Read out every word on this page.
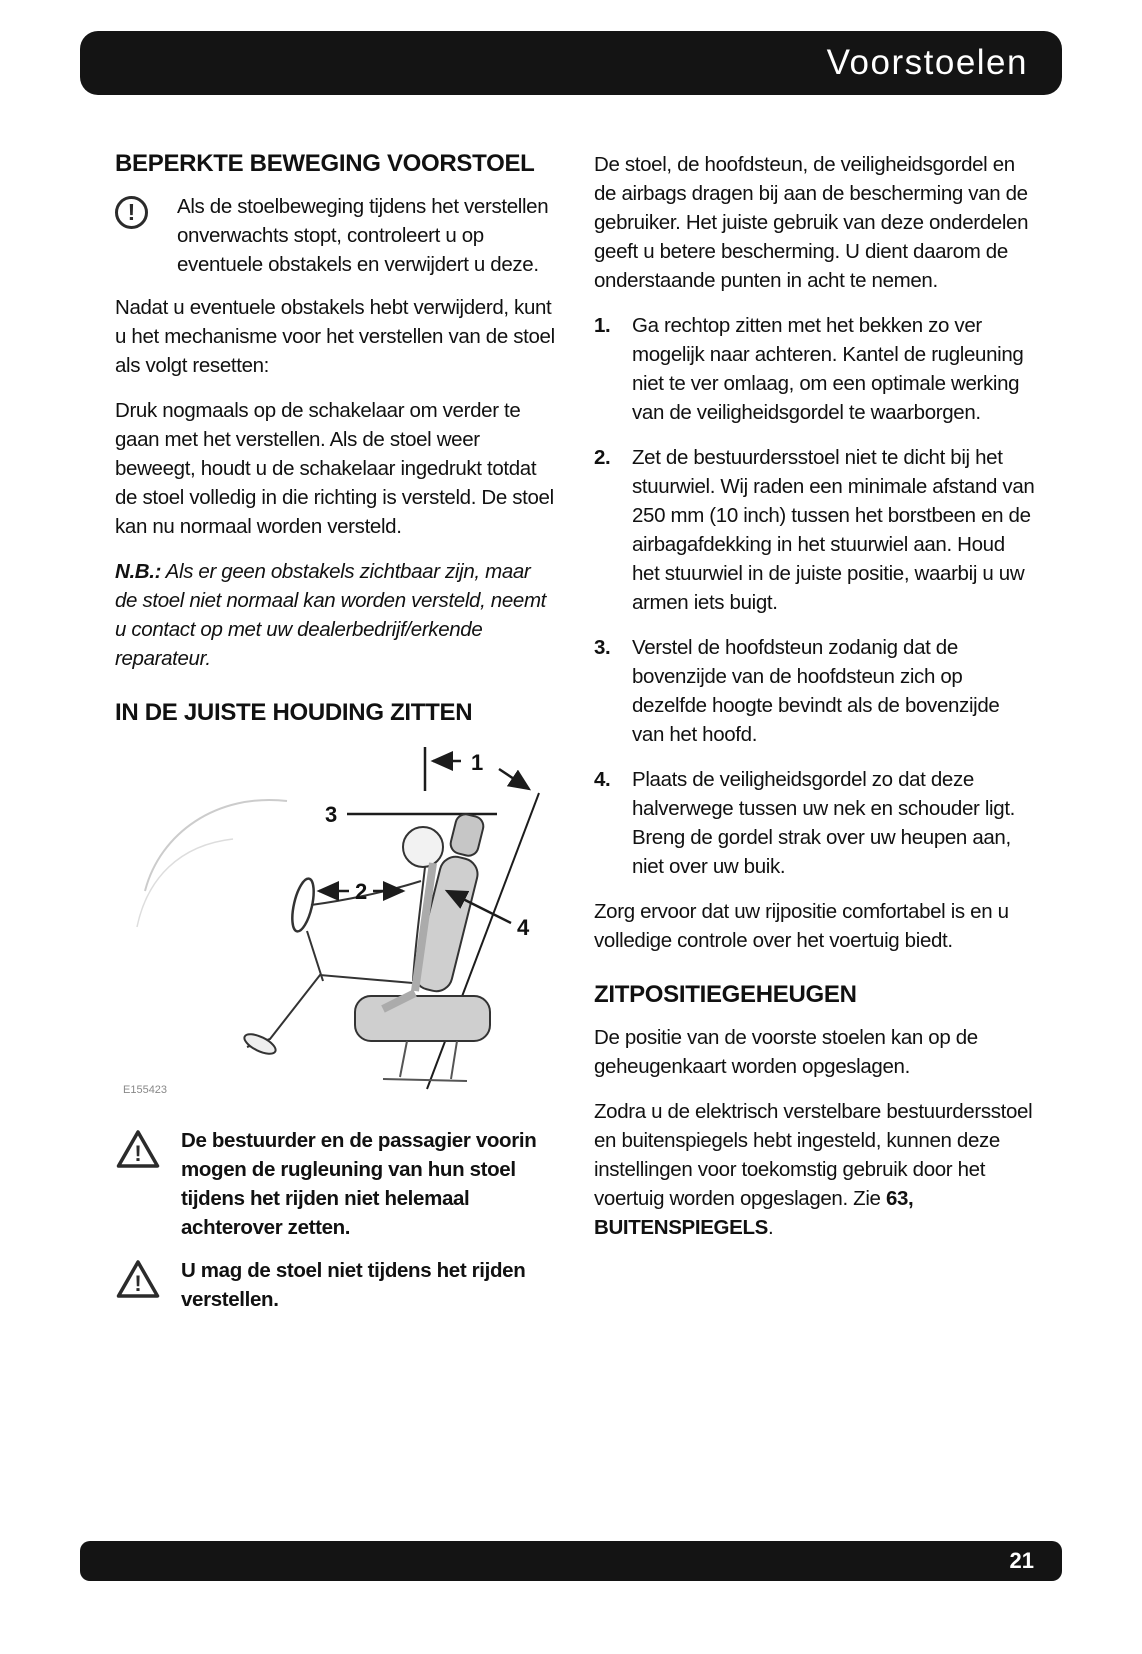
Voorstoelen
BEPERKTE BEWEGING VOORSTOEL
!	Als de stoelbeweging tijdens het verstellen onverwachts stopt, controleert u op eventuele obstakels en verwijdert u deze.

Nadat u eventuele obstakels hebt verwijderd, kunt u het mechanisme voor het verstellen van de stoel als volgt resetten:

Druk nogmaals op de schakelaar om verder te gaan met het verstellen. Als de stoel weer beweegt, houdt u de schakelaar ingedrukt totdat de stoel volledig in die richting is versteld. De stoel kan nu normaal worden versteld.

N.B.: Als er geen obstakels zichtbaar zijn, maar de stoel niet normaal kan worden versteld, neemt u contact op met uw dealerbedrijf/erkende reparateur.

IN DE JUISTE HOUDING ZITTEN
1
3
2
4
E155423
!

De bestuurder en de passagier voorin mogen de rugleuning van hun stoel tijdens het rijden niet helemaal achterover zetten.

!

U mag de stoel niet tijdens het rijden verstellen.

De stoel, de hoofdsteun, de veiligheidsgordel en de airbags dragen bij aan de bescherming van de gebruiker. Het juiste gebruik van deze onderdelen geeft u betere bescherming. U dient daarom de onderstaande punten in acht te nemen.

1.	Ga rechtop zitten met het bekken zo ver mogelijk naar achteren. Kantel de rugleuning niet te ver omlaag, om een optimale werking van de veiligheidsgordel te waarborgen.
2.	Zet de bestuurdersstoel niet te dicht bij het stuurwiel. Wij raden een minimale afstand van 250 mm (10 inch) tussen het borstbeen en de airbagafdekking in het stuurwiel aan. Houd het stuurwiel in de juiste positie, waarbij u uw armen iets buigt.
3.	Verstel de hoofdsteun zodanig dat de bovenzijde van de hoofdsteun zich op dezelfde hoogte bevindt als de bovenzijde van het hoofd.
4.	Plaats de veiligheidsgordel zo dat deze halverwege tussen uw nek en schouder ligt. Breng de gordel strak over uw heupen aan, niet over uw buik.

Zorg ervoor dat uw rijpositie comfortabel is en u volledige controle over het voertuig biedt.

ZITPOSITIEGEHEUGEN

De positie van de voorste stoelen kan op de geheugenkaart worden opgeslagen.

Zodra u de elektrisch verstelbare bestuurdersstoel en buitenspiegels hebt ingesteld, kunnen deze instellingen voor toekomstig gebruik door het voertuig worden opgeslagen. Zie 63, BUITENSPIEGELS.

21
